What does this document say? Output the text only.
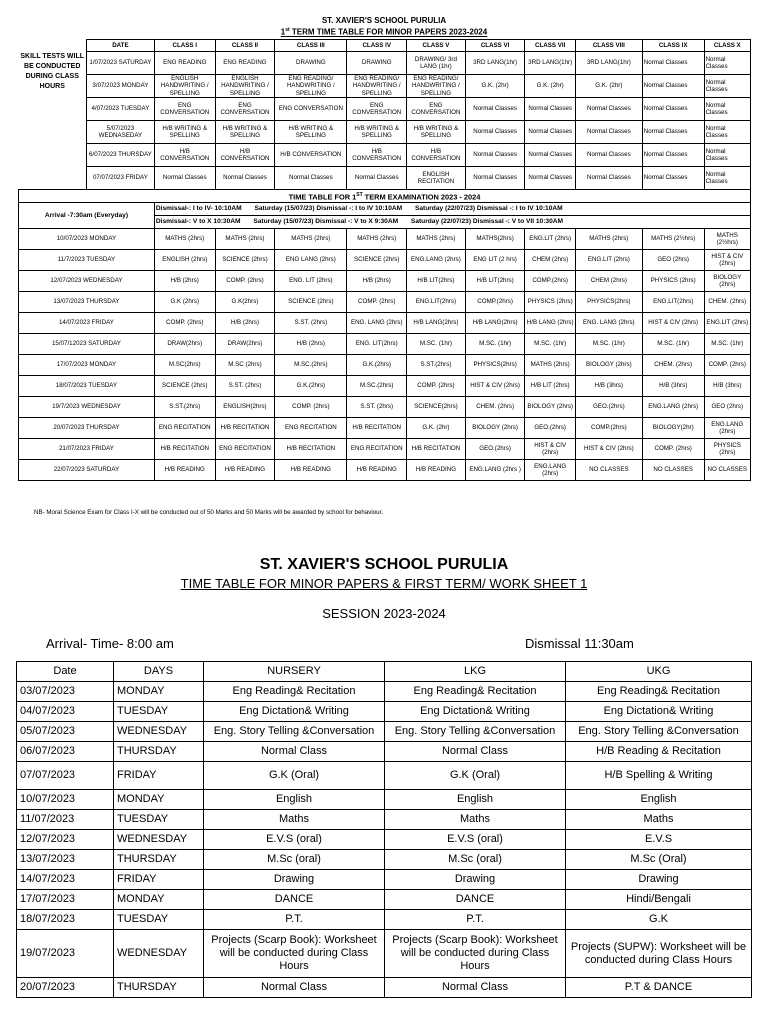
ST. XAVIER'S SCHOOL PURULIA
1st TERM TIME TABLE FOR MINOR PAPERS 2023-2024
	DATE	CLASS I	CLASS II	CLASS III	CLASS IV	CLASS V	CLASS VI	CLASS VII	CLASS VIII	CLASS IX	CLASS X
SKILL TESTS WILL BE CONDUCTED DURING CLASS HOURS	1/07/2023 SATURDAY	ENG READING	ENG READING	DRAWING	DRAWING	DRAWING/ 3rd LANG (1hr)	3RD LANG(1hr)	3RD LANG(1hr)	3RD LANG(1hr)	Normal Classes	Normal Classes
	3/07/2023 MONDAY	ENGLISH HANDWRITING / SPELLING	ENGLISH HANDWRITING / SPELLING	ENG READING/ HANDWRITING / SPELLING	ENG READING/ HANDWRITING / SPELLING	ENG READING/ HANDWRITING / SPELLING	G.K. (2hr)	G.K. (2hr)	G.K. (2hr)	Normal Classes	Normal Classes
	4/07/2023 TUESDAY	ENG CONVERSATION	ENG CONVERSATION	ENG CONVERSATION	ENG CONVERSATION	ENG CONVERSATION	Normal Classes	Normal Classes	Normal Classes	Normal Classes	Normal Classes
	5/07/2023 WEDNASEDAY	H/B WRITING & SPELLING	H/B WRITING & SPELLING	H/B WRITING & SPELLING	H/B WRITING & SPELLING	H/B WRITING & SPELLING	Normal Classes	Normal Classes	Normal Classes	Normal Classes	Normal Classes
	6/07/2023 THURSDAY	H/B CONVERSATION	H/B CONVERSATION	H/B CONVERSATION	H/B CONVERSATION	H/B CONVERSATION	Normal Classes	Normal Classes	Normal Classes	Normal Classes	Normal Classes
	07/07/2023 FRIDAY	Normal Classes	Normal Classes	Normal Classes	Normal Classes	ENGLISH RECITATION	Normal Classes	Normal Classes	Normal Classes	Normal Classes	Normal Classes
TIME TABLE FOR 1ST TERM EXAMINATION 2023 - 2024											
Arrival -7:30am (Everyday)		Dismissal-: I to IV- 10:10AM       Saturday (15/07/23) Dismissal -: I to IV 10:10AM       Saturday (22/07/23) Dismissal -: I to IV 10:10AM									
		Dismissal-: V to X 10:30AM       Saturday (15/07/23) Dismissal -: V to X 9:30AM       Saturday (22/07/23) Dismissal -: V to VII 10:30AM									
10/07/2023 MONDAY		MATHS (2hrs)	MATHS (2hrs)	MATHS (2hrs)	MATHS (2hrs)	MATHS (2hrs)	MATHS(2hrs)	ENG.LIT (2hrs)	MATHS (2hrs)	MATHS (2½hrs)	MATHS (2½hrs)
11/7/2023 TUESDAY		ENGLISH (2hrs)	SCIENCE (2hrs)	ENG LANG (2hrs)	SCIENCE (2hrs)	ENG.LANG (2hrs)	ENG LIT (2 hrs)	CHEM (2hrs)	ENG.LIT (2hrs)	GEO (2hrs)	HIST & CIV (2hrs)
12/07/2023 WEDNESDAY		H/B (2hrs)	COMP. (2hrs)	ENG. LIT (2hrs)	H/B (2hrs)	H/B LIT(2hrs)	H/B LIT(2hrs)	COMP.(2hrs)	CHEM (2hrs)	PHYSICS (2hrs)	BIOLOGY (2hrs)
13/07/2023 THURSDAY		G.K (2hrs)	G.K(2hrs)	SCIENCE (2hrs)	COMP. (2hrs)	ENG.LIT(2hrs)	COMP.(2hrs)	PHYSICS (2hrs)	PHYSICS(2hrs)	ENG.LIT(2hrs)	CHEM. (2hrs)
14/07/2023 FRIDAY		COMP. (2hrs)	H/B (2hrs)	S.ST. (2hrs)	ENG. LANG (2hrs)	H/B LANG(2hrs)	H/B LANG(2hrs)	H/B LANG (2hrs)	ENG. LANG (2hrs)	HIST & CIV (2hrs)	ENG.LIT (2hrs)
15/07/12023 SATURDAY		DRAW(2hrs)	DRAW(2hrs)	H/B (2hrs)	ENG. LIT(2hrs)	M.SC. (1hr)	M.SC. (1hr)	M.SC. (1hr)	M.SC. (1hr)	M.SC. (1hr)	M.SC. (1hr)
17/07/2023 MONDAY		M.SC(2hrs)	M.SC (2hrs)	M.SC.(2hrs)	G.K.(2hrs)	S.ST.(2hrs)	PHYSICS(2hrs)	MATHS (2hrs)	BIOLOGY (2hrs)	CHEM. (2hrs)	COMP. (2hrs)
18/07/2023 TUESDAY		SCIENCE (2hrs)	S.ST. (2hrs)	G.K.(2hrs)	M.SC.(2hrs)	COMP. (2hrs)	HIST & CIV (2hrs)	H/B LIT (2hrs)	H/B (3hrs)	H/B (3hrs)	H/B (3hrs)
19/7/2023 WEDNESDAY		S.ST.(2hrs)	ENGLISH(2hrs)	COMP. (2hrs)	S.ST. (2hrs)	SCIENCE(2hrs)	CHEM. (2hrs)	BIOLOGY (2hrs)	GEO.(2hrs)	ENG.LANG (2hrs)	GEO (2hrs)
20/07/2023 THURSDAY		ENG RECITATION	H/B RECITATION	ENG RECITATION	H/B RECITATION	G.K. (2hr)	BIOLOGY (2hrs)	GEO.(2hrs)	COMP.(2hrs)	BIOLOGY(2hr)	ENG.LANG (2hrs)
21/07/2023 FRIDAY		H/B RECITATION	ENG RECITATION	H/B RECITATION	ENG RECITATION	H/B RECITATION	GEO.(2hrs)	HIST & CIV (2hrs)	HIST & CIV (2hrs)	COMP. (2hrs)	PHYSICS (2hrs)
22/07/2023 SATURDAY		H/B READING	H/B READING	H/B READING	H/B READING	H/B READING	ENG.LANG (2hrs )	ENG.LANG (2hrs)	NO CLASSES	NO CLASSES	NO CLASSES
NB- Moral Science Exam for Class I-X will be conducted out of 50 Marks and 50 Marks will be awarded by school for behaviour.
ST. XAVIER'S SCHOOL PURULIA
TIME TABLE FOR MINOR PAPERS & FIRST TERM/ WORK SHEET 1
SESSION 2023-2024
Arrival- Time- 8:00 am	Dismissal 11:30am
Date	DAYS	NURSERY	LKG	UKG
03/07/2023	MONDAY	Eng Reading& Recitation	Eng Reading& Recitation	Eng Reading& Recitation
04/07/2023	TUESDAY	Eng Dictation& Writing	Eng Dictation& Writing	Eng Dictation& Writing
05/07/2023	WEDNESDAY	Eng. Story Telling &Conversation	Eng. Story Telling &Conversation	Eng. Story Telling &Conversation
06/07/2023	THURSDAY	Normal Class	Normal Class	H/B Reading & Recitation
07/07/2023	FRIDAY	G.K (Oral)	G.K (Oral)	H/B Spelling & Writing
10/07/2023	MONDAY	English	English	English
11/07/2023	TUESDAY	Maths	Maths	Maths
12/07/2023	WEDNESDAY	E.V.S (oral)	E.V.S (oral)	E.V.S
13/07/2023	THURSDAY	M.Sc (oral)	M.Sc (oral)	M.Sc (Oral)
14/07/2023	FRIDAY	Drawing	Drawing	Drawing
17/07/2023	MONDAY	DANCE	DANCE	Hindi/Bengali
18/07/2023	TUESDAY	P.T.	P.T.	G.K
19/07/2023	WEDNESDAY	Projects (Scarp Book): Worksheet will be conducted during Class Hours	Projects (Scarp Book): Worksheet will be conducted during Class Hours	Projects (SUPW): Worksheet will be conducted during Class Hours
20/07/2023	THURSDAY	Normal Class	Normal Class	P.T & DANCE
